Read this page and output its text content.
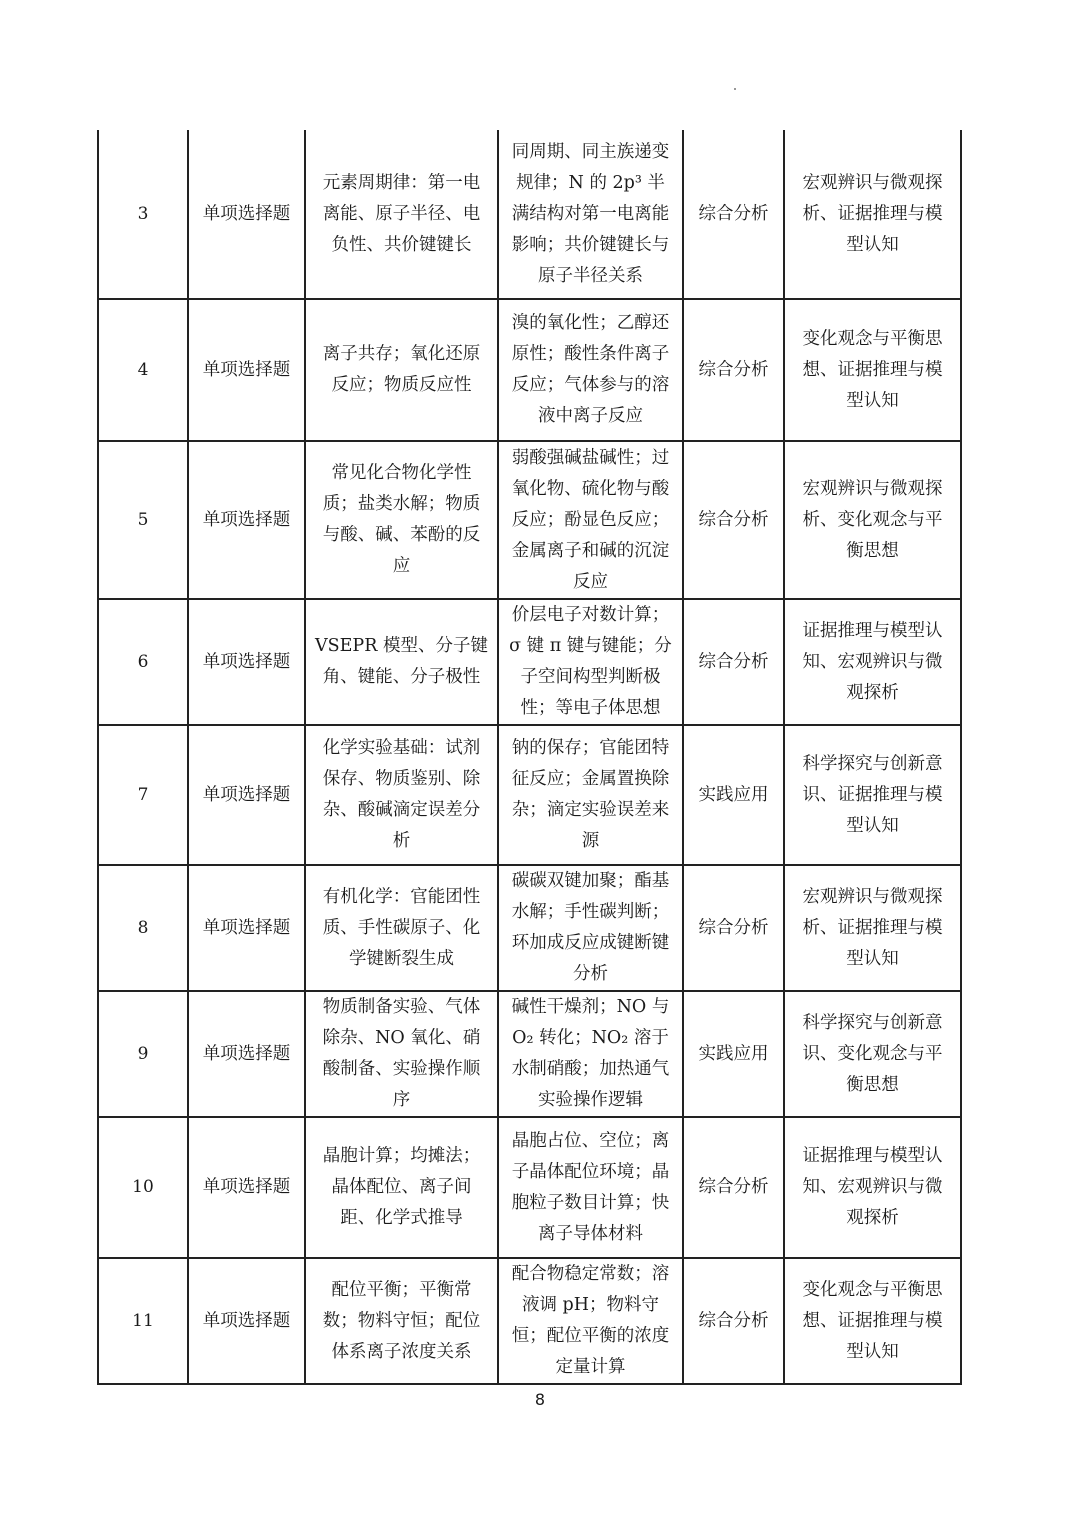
3	单项选择题	元素周期律：第一电离能、原子半径、电负性、共价键键长	同周期、同主族递变规律；N 的 2p³ 半满结构对第一电离能影响；共价键键长与原子半径关系	综合分析	宏观辨识与微观探析、证据推理与模型认知
4	单项选择题	离子共存；氧化还原反应；物质反应性	溴的氧化性；乙醇还原性；酸性条件离子反应；气体参与的溶液中离子反应	综合分析	变化观念与平衡思想、证据推理与模型认知
5	单项选择题	常见化合物化学性质；盐类水解；物质与酸、碱、苯酚的反应	弱酸强碱盐碱性；过氧化物、硫化物与酸反应；酚显色反应；金属离子和碱的沉淀反应	综合分析	宏观辨识与微观探析、变化观念与平衡思想
6	单项选择题	VSEPR 模型、分子键角、键能、分子极性	价层电子对数计算；σ 键 π 键与键能；分子空间构型判断极性；等电子体思想	综合分析	证据推理与模型认知、宏观辨识与微观探析
7	单项选择题	化学实验基础：试剂保存、物质鉴别、除杂、酸碱滴定误差分析	钠的保存；官能团特征反应；金属置换除杂；滴定实验误差来源	实践应用	科学探究与创新意识、证据推理与模型认知
8	单项选择题	有机化学：官能团性质、手性碳原子、化学键断裂生成	碳碳双键加聚；酯基水解；手性碳判断；环加成反应成键断键分析	综合分析	宏观辨识与微观探析、证据推理与模型认知
9	单项选择题	物质制备实验、气体除杂、NO 氧化、硝酸制备、实验操作顺序	碱性干燥剂；NO 与 O₂ 转化；NO₂ 溶于水制硝酸；加热通气实验操作逻辑	实践应用	科学探究与创新意识、变化观念与平衡思想
10	单项选择题	晶胞计算；均摊法；晶体配位、离子间距、化学式推导	晶胞占位、空位；离子晶体配位环境；晶胞粒子数目计算；快离子导体材料	综合分析	证据推理与模型认知、宏观辨识与微观探析
11	单项选择题	配位平衡；平衡常数；物料守恒；配位体系离子浓度关系	配合物稳定常数；溶液调 pH；物料守恒；配位平衡的浓度定量计算	综合分析	变化观念与平衡思想、证据推理与模型认知
8
